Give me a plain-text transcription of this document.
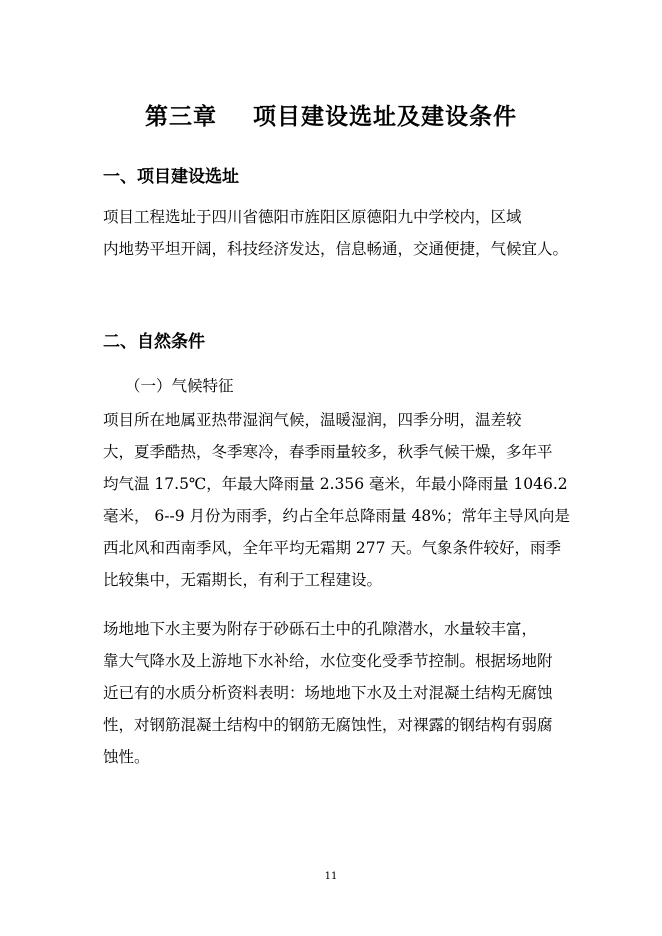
第三章    项目建设选址及建设条件
一、项目建设选址

项目工程选址于四川省德阳市旌阳区原德阳九中学校内，区域
内地势平坦开阔，科技经济发达，信息畅通，交通便捷，气候宜人。

二、自然条件

（一）气候特征

项目所在地属亚热带湿润气候，温暖湿润，四季分明，温差较
大，夏季酷热，冬季寒冷，春季雨量较多，秋季气候干燥，多年平
均气温 17.5℃，年最大降雨量 2.356 毫米，年最小降雨量 1046.2
毫米， 6--9 月份为雨季，约占全年总降雨量 48%；常年主导风向是
西北风和西南季风，全年平均无霜期 277 天。气象条件较好，雨季
比较集中，无霜期长，有利于工程建设。

场地地下水主要为附存于砂砾石土中的孔隙潜水，水量较丰富，
靠大气降水及上游地下水补给，水位变化受季节控制。根据场地附
近已有的水质分析资料表明：场地地下水及土对混凝土结构无腐蚀
性，对钢筋混凝土结构中的钢筋无腐蚀性，对裸露的钢结构有弱腐
蚀性。

11
